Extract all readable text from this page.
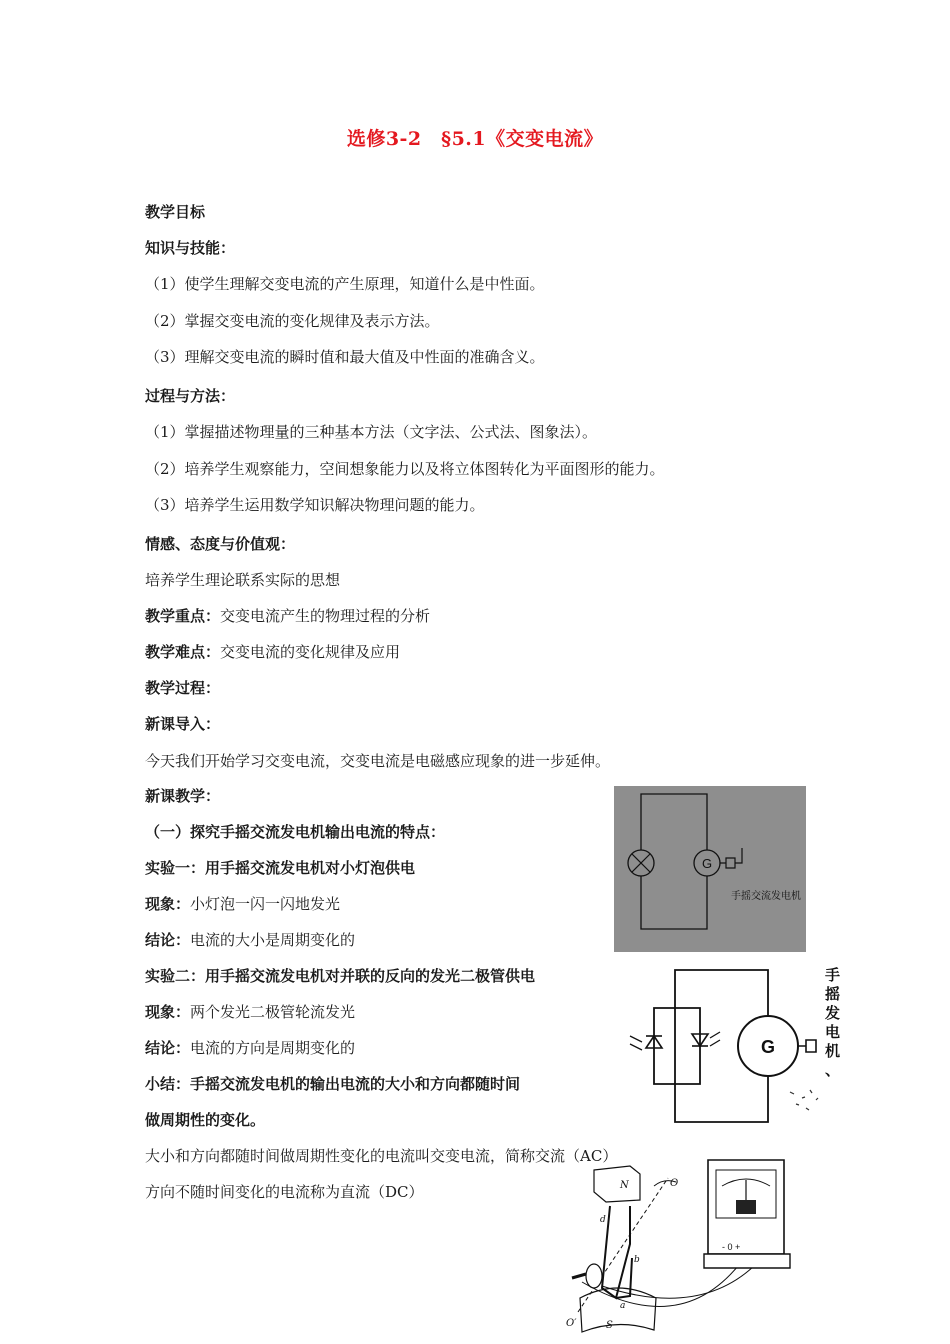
选修3-2　§5.1《交变电流》
教学目标
知识与技能：
（1）使学生理解交变电流的产生原理，知道什么是中性面。
（2）掌握交变电流的变化规律及表示方法。
（3）理解交变电流的瞬时值和最大值及中性面的准确含义。
过程与方法：
（1）掌握描述物理量的三种基本方法（文字法、公式法、图象法）。
（2）培养学生观察能力，空间想象能力以及将立体图转化为平面图形的能力。
（3）培养学生运用数学知识解决物理问题的能力。
情感、态度与价值观：
培养学生理论联系实际的思想
教学重点：交变电流产生的物理过程的分析
教学难点：交变电流的变化规律及应用
教学过程：
新课导入：
今天我们开始学习交变电流，交变电流是电磁感应现象的进一步延伸。
新课教学：
（一）探究手摇交流发电机输出电流的特点：
实验一：用手摇交流发电机对小灯泡供电
现象：小灯泡一闪一闪地发光
结论：电流的大小是周期变化的
实验二：用手摇交流发电机对并联的反向的发光二极管供电
现象：两个发光二极管轮流发光
结论：电流的方向是周期变化的
小结：手摇交流发电机的输出电流的大小和方向都随时间
做周期性的变化。
大小和方向都随时间做周期性变化的电流叫交变电流，简称交流（AC）
方向不随时间变化的电流称为直流（DC）
G
手摇交流发电机
G
手摇发电机、
N
S
d
b
a
O
O′
- 0 +
